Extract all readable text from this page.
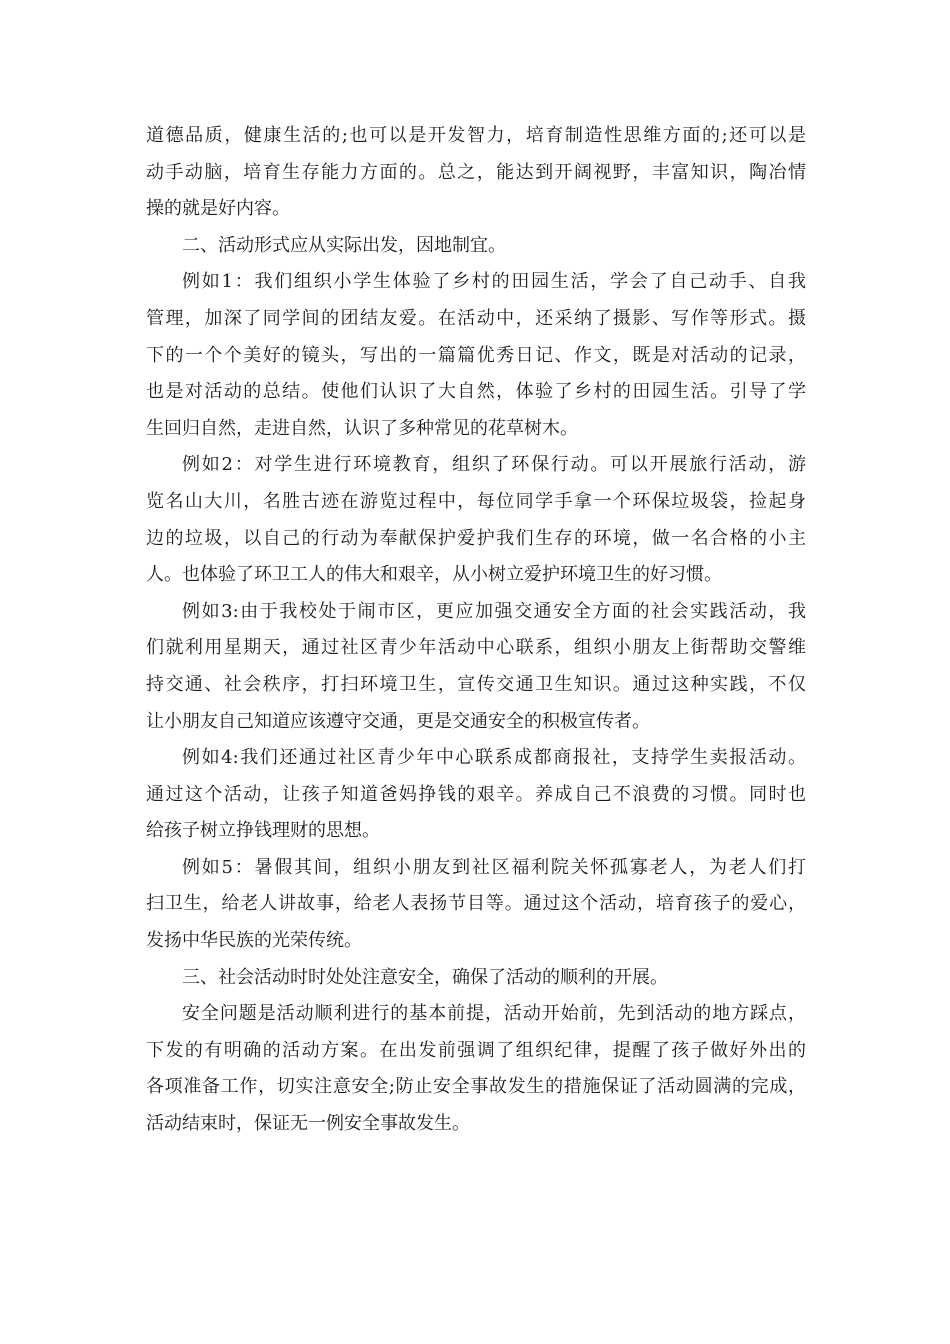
道德品质，健康生活的;也可以是开发智力，培育制造性思维方面的;还可以是
动手动脑，培育生存能力方面的。总之，能达到开阔视野，丰富知识，陶冶情
操的就是好内容。
二、活动形式应从实际出发，因地制宜。
例如1：我们组织小学生体验了乡村的田园生活，学会了自己动手、自我
管理，加深了同学间的团结友爱。在活动中，还采纳了摄影、写作等形式。摄
下的一个个美好的镜头，写出的一篇篇优秀日记、作文，既是对活动的记录，
也是对活动的总结。使他们认识了大自然，体验了乡村的田园生活。引导了学
生回归自然，走进自然，认识了多种常见的花草树木。
例如2：对学生进行环境教育，组织了环保行动。可以开展旅行活动，游
览名山大川，名胜古迹在游览过程中，每位同学手拿一个环保垃圾袋，捡起身
边的垃圾，以自己的行动为奉献保护爱护我们生存的环境，做一名合格的小主
人。也体验了环卫工人的伟大和艰辛，从小树立爱护环境卫生的好习惯。
例如3:由于我校处于闹市区，更应加强交通安全方面的社会实践活动，我
们就利用星期天，通过社区青少年活动中心联系，组织小朋友上街帮助交警维
持交通、社会秩序，打扫环境卫生，宣传交通卫生知识。通过这种实践，不仅
让小朋友自己知道应该遵守交通，更是交通安全的积极宣传者。
例如4:我们还通过社区青少年中心联系成都商报社，支持学生卖报活动。
通过这个活动，让孩子知道爸妈挣钱的艰辛。养成自己不浪费的习惯。同时也
给孩子树立挣钱理财的思想。
例如5：暑假其间，组织小朋友到社区福利院关怀孤寡老人，为老人们打
扫卫生，给老人讲故事，给老人表扬节目等。通过这个活动，培育孩子的爱心，
发扬中华民族的光荣传统。
三、社会活动时时处处注意安全，确保了活动的顺利的开展。
安全问题是活动顺利进行的基本前提，活动开始前，先到活动的地方踩点，
下发的有明确的活动方案。在出发前强调了组织纪律，提醒了孩子做好外出的
各项准备工作，切实注意安全;防止安全事故发生的措施保证了活动圆满的完成，
活动结束时，保证无一例安全事故发生。
